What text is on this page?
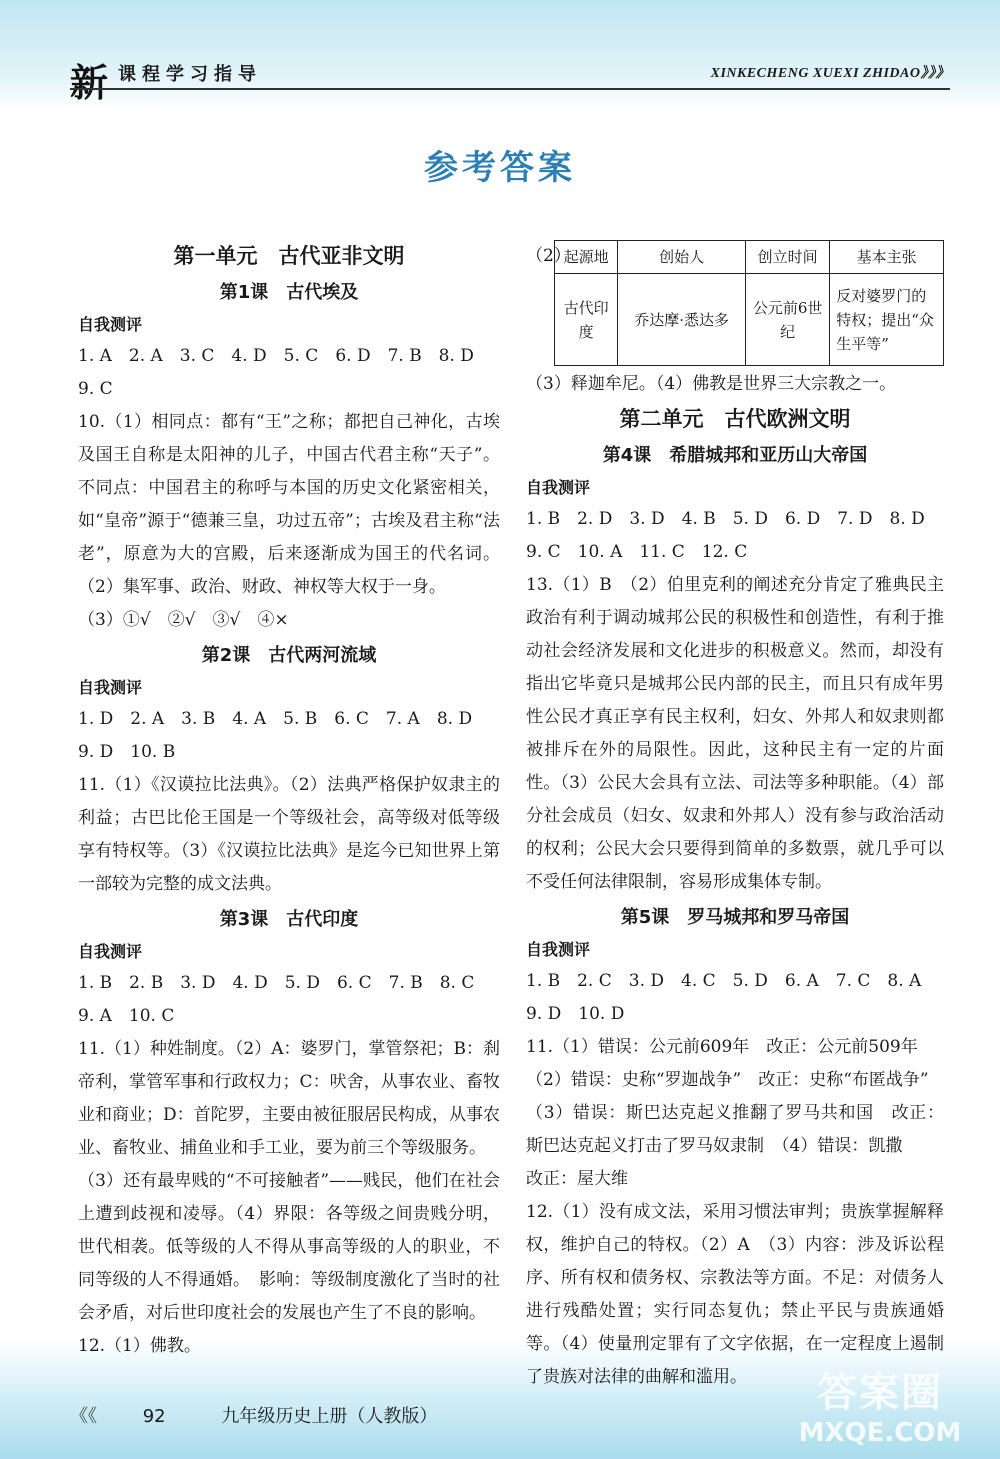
新 课程学习指导	XINKECHENG XUEXI ZHIDAO》》》
参考答案
第一单元　古代亚非文明
第1课　古代埃及
自我测评
1. A　2. A　3. C　4. D　5. C　6. D　7. B　8. D
9. C
10.（1）相同点：都有“王”之称；都把自己神化，古埃及国王自称是太阳神的儿子，中国古代君主称“天子”。不同点：中国君主的称呼与本国的历史文化紧密相关，如“皇帝”源于“德兼三皇，功过五帝”；古埃及君主称“法老”，原意为大的宫殿，后来逐渐成为国王的代名词。（2）集军事、政治、财政、神权等大权于一身。
（3）①√　②√　③√　④×
第2课　古代两河流域
自我测评
1. D　2. A　3. B　4. A　5. B　6. C　7. A　8. D
9. D　10. B
11.（1）《汉谟拉比法典》。（2）法典严格保护奴隶主的利益；古巴比伦王国是一个等级社会，高等级对低等级享有特权等。（3）《汉谟拉比法典》是迄今已知世界上第一部较为完整的成文法典。
第3课　古代印度
自我测评
1. B　2. B　3. D　4. D　5. D　6. C　7. B　8. C
9. A　10. C
11.（1）种姓制度。（2）A：婆罗门，掌管祭祀；B：刹帝利，掌管军事和行政权力；C：吠舍，从事农业、畜牧业和商业；D：首陀罗，主要由被征服居民构成，从事农业、畜牧业、捕鱼业和手工业，要为前三个等级服务。
（3）还有最卑贱的“不可接触者”——贱民，他们在社会上遭到歧视和凌辱。（4）界限：各等级之间贵贱分明，世代相袭。低等级的人不得从事高等级的人的职业，不同等级的人不得通婚。　影响：等级制度激化了当时的社会矛盾，对后世印度社会的发展也产生了不良的影响。
12.（1）佛教。
（2）
起源地	创始人	创立时间	基本主张
古代印度	乔达摩·悉达多	公元前6世纪	反对婆罗门的特权；提出“众生平等”
（3）释迦牟尼。（4）佛教是世界三大宗教之一。
第二单元　古代欧洲文明
第4课　希腊城邦和亚历山大帝国
自我测评
1. B　2. D　3. D　4. B　5. D　6. D　7. D　8. D
9. C　10. A　11. C　12. C
13.（1）B　（2）伯里克利的阐述充分肯定了雅典民主政治有利于调动城邦公民的积极性和创造性，有利于推动社会经济发展和文化进步的积极意义。然而，却没有指出它毕竟只是城邦公民内部的民主，而且只有成年男性公民才真正享有民主权利，妇女、外邦人和奴隶则都被排斥在外的局限性。因此，这种民主有一定的片面性。（3）公民大会具有立法、司法等多种职能。（4）部分社会成员（妇女、奴隶和外邦人）没有参与政治活动的权利；公民大会只要得到简单的多数票，就几乎可以不受任何法律限制，容易形成集体专制。
第5课　罗马城邦和罗马帝国
自我测评
1. B　2. C　3. D　4. C　5. D　6. A　7. C　8. A
9. D　10. D
11.（1）错误：公元前609年　改正：公元前509年
（2）错误：史称“罗迦战争”　改正：史称“布匿战争”
（3）错误：斯巴达克起义推翻了罗马共和国　改正：斯巴达克起义打击了罗马奴隶制　（4）错误：凯撒
改正：屋大维
12.（1）没有成文法，采用习惯法审判；贵族掌握解释权，维护自己的特权。（2）A　（3）内容：涉及诉讼程序、所有权和债务权、宗教法等方面。不足：对债务人进行残酷处置；实行同态复仇；禁止平民与贵族通婚等。（4）使量刑定罪有了文字依据，在一定程度上遏制了贵族对法律的曲解和滥用。
《《	92	九年级历史上册（人教版）
答案圈
MXQE.COM
